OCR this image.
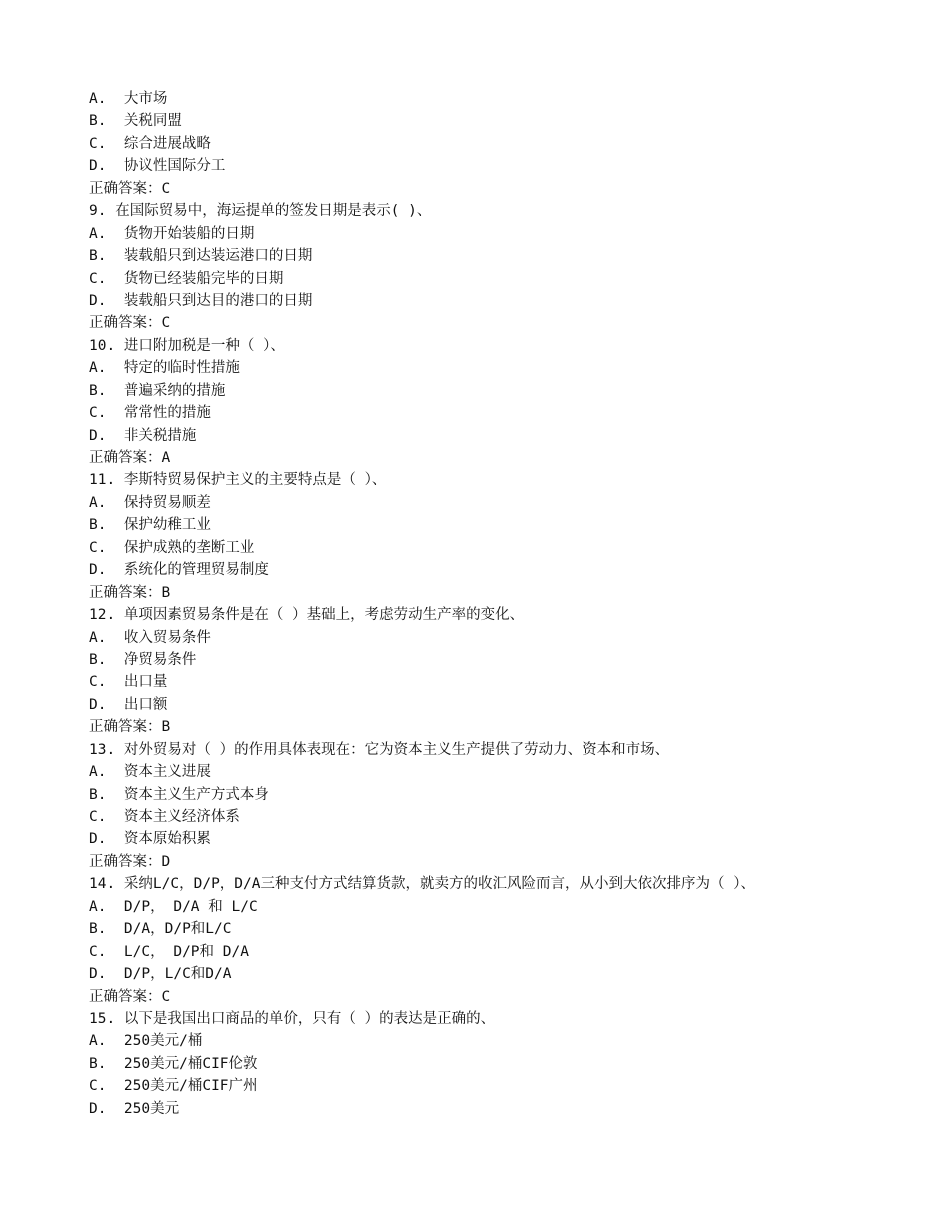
A.  大市场
B.  关税同盟
C.  综合进展战略
D.  协议性国际分工
正确答案：C
9. 在国际贸易中，海运提单的签发日期是表示( )、
A.  货物开始装船的日期
B.  装载船只到达装运港口的日期
C.  货物已经装船完毕的日期
D.  装载船只到达目的港口的日期
正确答案：C
10. 进口附加税是一种（ ）、
A.  特定的临时性措施
B.  普遍采纳的措施
C.  常常性的措施
D.  非关税措施
正确答案：A
11. 李斯特贸易保护主义的主要特点是（ ）、
A.  保持贸易顺差
B.  保护幼稚工业
C.  保护成熟的垄断工业
D.  系统化的管理贸易制度
正确答案：B
12. 单项因素贸易条件是在（ ）基础上，考虑劳动生产率的变化、
A.  收入贸易条件
B.  净贸易条件
C.  出口量
D.  出口额
正确答案：B
13. 对外贸易对（ ）的作用具体表现在：它为资本主义生产提供了劳动力、资本和市场、
A.  资本主义进展
B.  资本主义生产方式本身
C.  资本主义经济体系
D.  资本原始积累
正确答案：D
14. 采纳L/C，D/P，D/A三种支付方式结算货款，就卖方的收汇风险而言，从小到大依次排序为（ ）、
A.  D/P， D/A 和 L/C
B.  D/A，D/P和L/C
C.  L/C， D/P和 D/A
D.  D/P，L/C和D/A
正确答案：C
15. 以下是我国出口商品的单价，只有（ ）的表达是正确的、
A.  250美元/桶
B.  250美元/桶CIF伦敦
C.  250美元/桶CIF广州
D.  250美元
